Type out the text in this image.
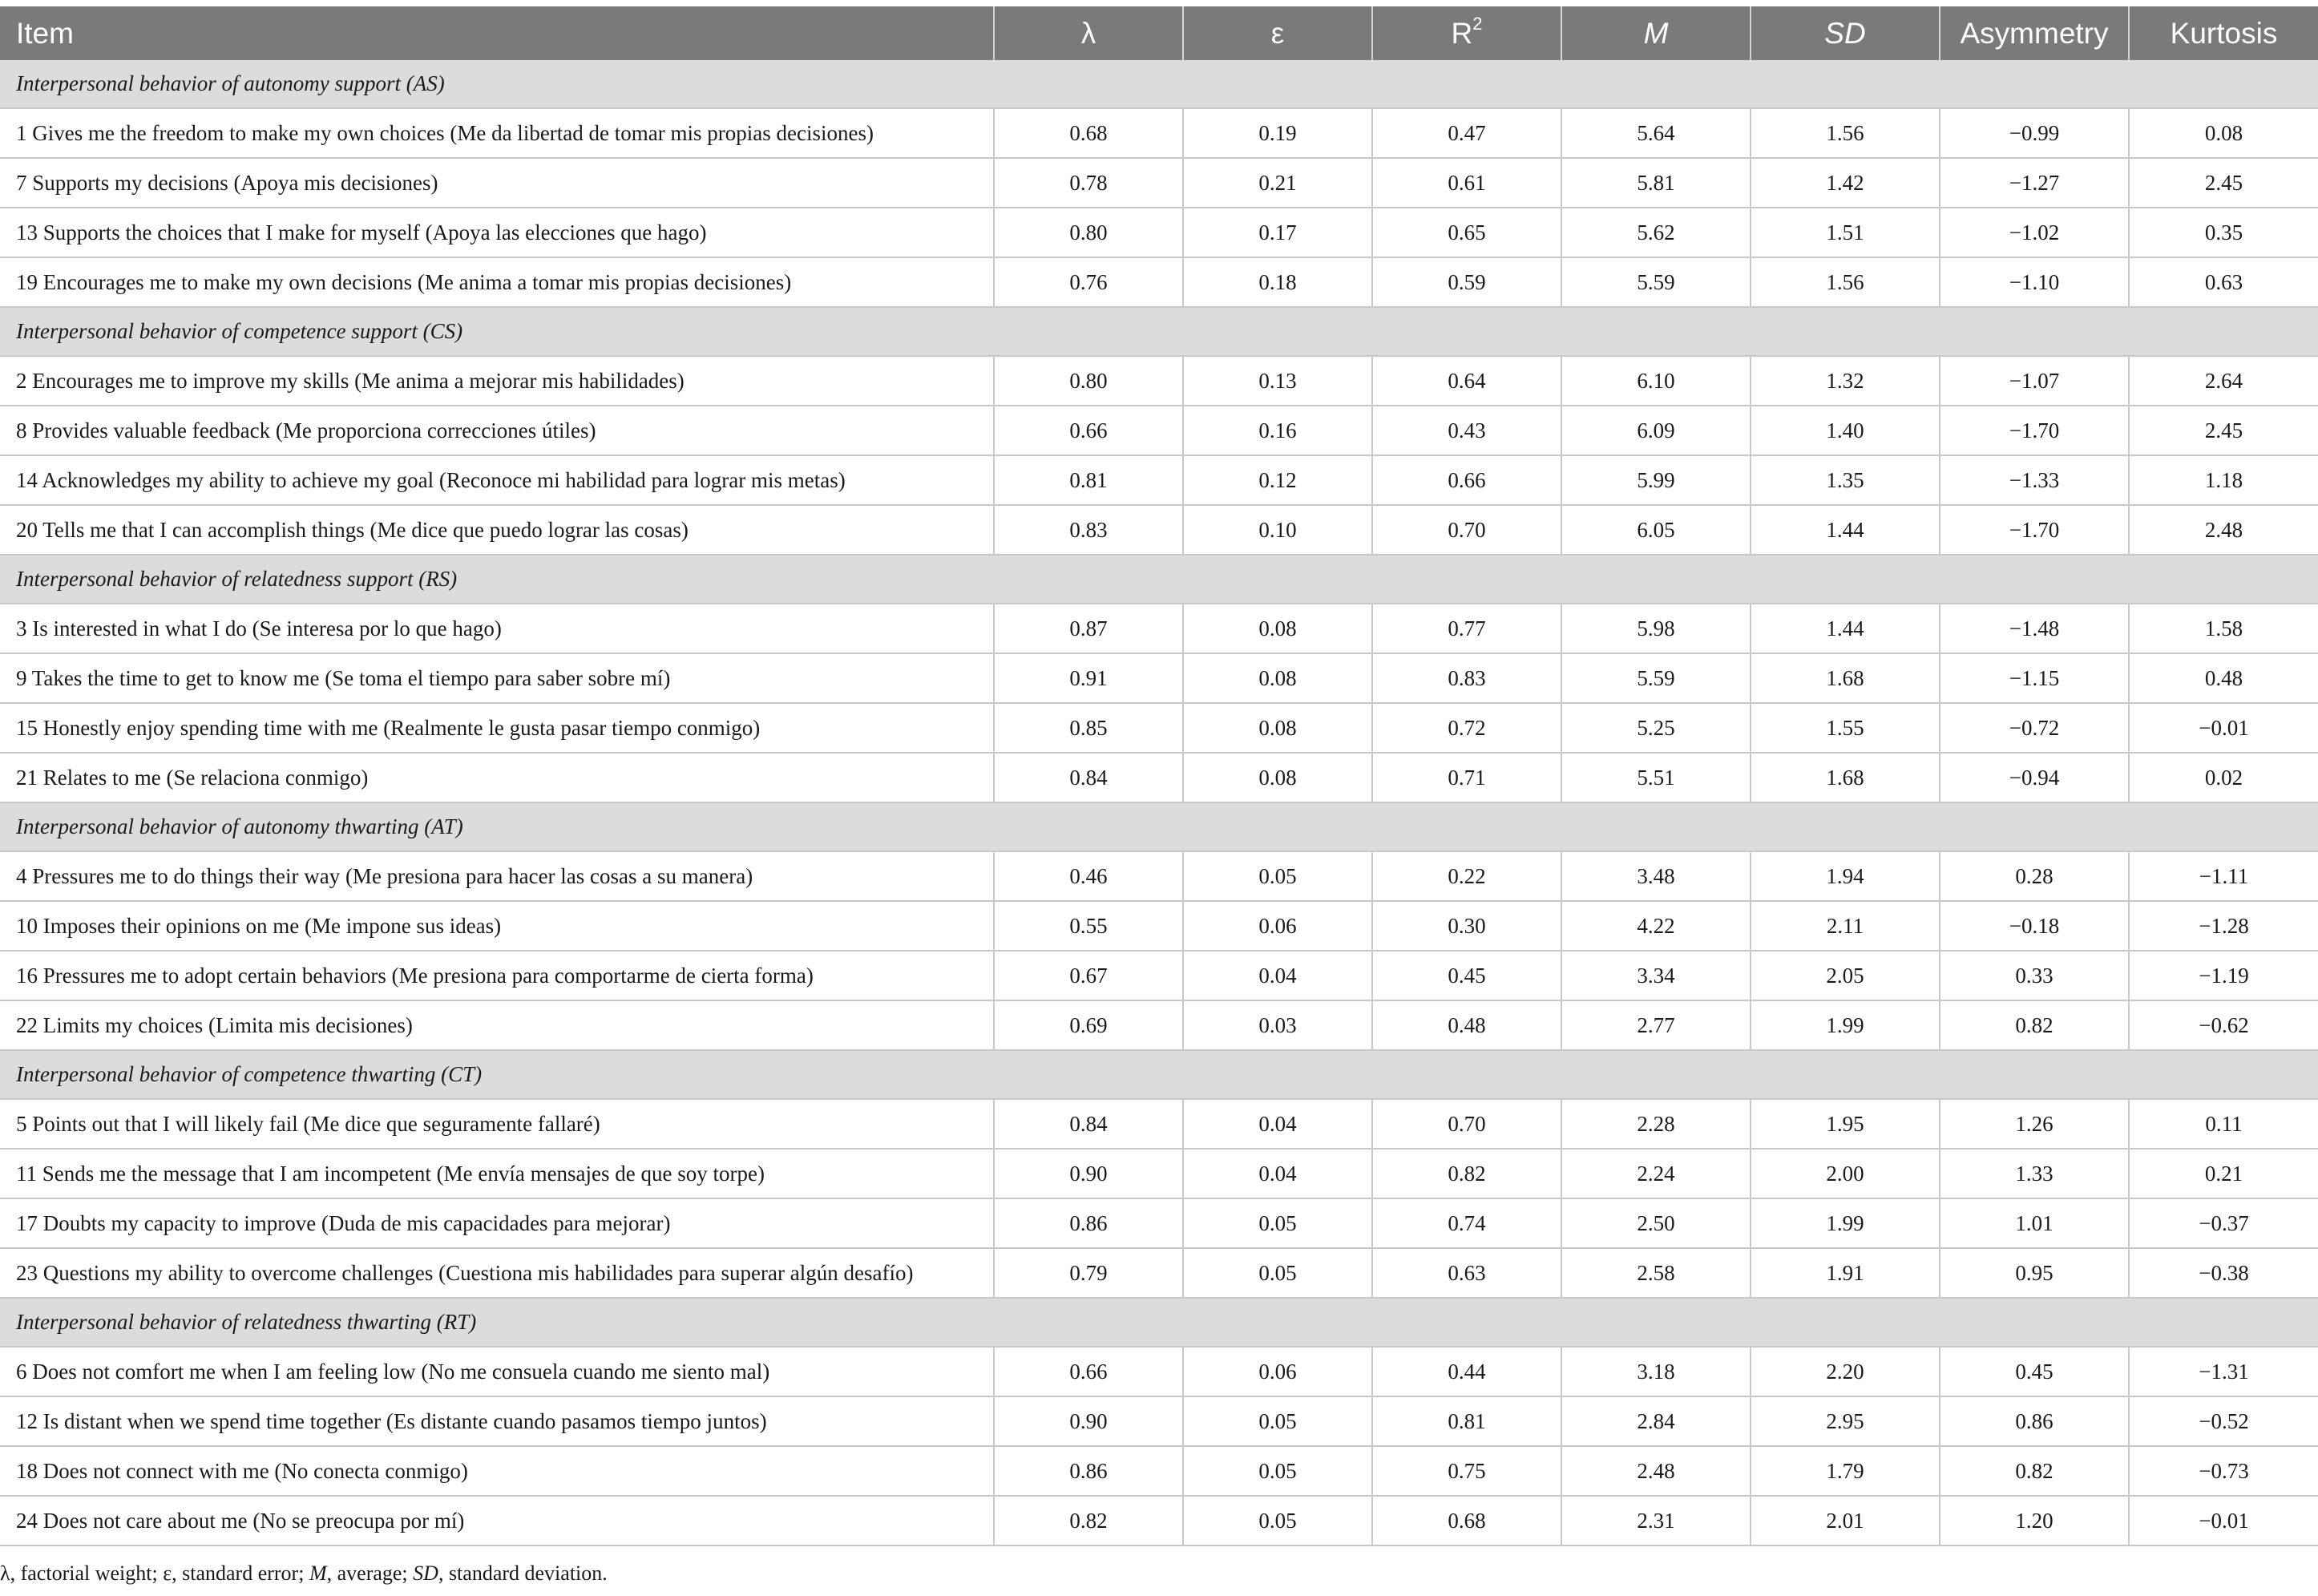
Item	λ	ε	$R^2$	M	SD	Asymmetry	Kurtosis
Interpersonal behavior of autonomy support (AS)							
1 Gives me the freedom to make my own choices (Me da libertad de tomar mis propias decisiones)	0.68	0.19	0.47	5.64	1.56	−0.99	0.08
7 Supports my decisions (Apoya mis decisiones)	0.78	0.21	0.61	5.81	1.42	−1.27	2.45
13 Supports the choices that I make for myself (Apoya las elecciones que hago)	0.80	0.17	0.65	5.62	1.51	−1.02	0.35
19 Encourages me to make my own decisions (Me anima a tomar mis propias decisiones)	0.76	0.18	0.59	5.59	1.56	−1.10	0.63
Interpersonal behavior of competence support (CS)							
2 Encourages me to improve my skills (Me anima a mejorar mis habilidades)	0.80	0.13	0.64	6.10	1.32	−1.07	2.64
8 Provides valuable feedback (Me proporciona correcciones útiles)	0.66	0.16	0.43	6.09	1.40	−1.70	2.45
14 Acknowledges my ability to achieve my goal (Reconoce mi habilidad para lograr mis metas)	0.81	0.12	0.66	5.99	1.35	−1.33	1.18
20 Tells me that I can accomplish things (Me dice que puedo lograr las cosas)	0.83	0.10	0.70	6.05	1.44	−1.70	2.48
Interpersonal behavior of relatedness support (RS)							
3 Is interested in what I do (Se interesa por lo que hago)	0.87	0.08	0.77	5.98	1.44	−1.48	1.58
9 Takes the time to get to know me (Se toma el tiempo para saber sobre mí)	0.91	0.08	0.83	5.59	1.68	−1.15	0.48
15 Honestly enjoy spending time with me (Realmente le gusta pasar tiempo conmigo)	0.85	0.08	0.72	5.25	1.55	−0.72	−0.01
21 Relates to me (Se relaciona conmigo)	0.84	0.08	0.71	5.51	1.68	−0.94	0.02
Interpersonal behavior of autonomy thwarting (AT)							
4 Pressures me to do things their way (Me presiona para hacer las cosas a su manera)	0.46	0.05	0.22	3.48	1.94	0.28	−1.11
10 Imposes their opinions on me (Me impone sus ideas)	0.55	0.06	0.30	4.22	2.11	−0.18	−1.28
16 Pressures me to adopt certain behaviors (Me presiona para comportarme de cierta forma)	0.67	0.04	0.45	3.34	2.05	0.33	−1.19
22 Limits my choices (Limita mis decisiones)	0.69	0.03	0.48	2.77	1.99	0.82	−0.62
Interpersonal behavior of competence thwarting (CT)							
5 Points out that I will likely fail (Me dice que seguramente fallaré)	0.84	0.04	0.70	2.28	1.95	1.26	0.11
11 Sends me the message that I am incompetent (Me envía mensajes de que soy torpe)	0.90	0.04	0.82	2.24	2.00	1.33	0.21
17 Doubts my capacity to improve (Duda de mis capacidades para mejorar)	0.86	0.05	0.74	2.50	1.99	1.01	−0.37
23 Questions my ability to overcome challenges (Cuestiona mis habilidades para superar algún desafío)	0.79	0.05	0.63	2.58	1.91	0.95	−0.38
Interpersonal behavior of relatedness thwarting (RT)							
6 Does not comfort me when I am feeling low (No me consuela cuando me siento mal)	0.66	0.06	0.44	3.18	2.20	0.45	−1.31
12 Is distant when we spend time together (Es distante cuando pasamos tiempo juntos)	0.90	0.05	0.81	2.84	2.95	0.86	−0.52
18 Does not connect with me (No conecta conmigo)	0.86	0.05	0.75	2.48	1.79	0.82	−0.73
24 Does not care about me (No se preocupa por mí)	0.82	0.05	0.68	2.31	2.01	1.20	−0.01
λ, factorial weight; ε, standard error; M, average; SD, standard deviation.
